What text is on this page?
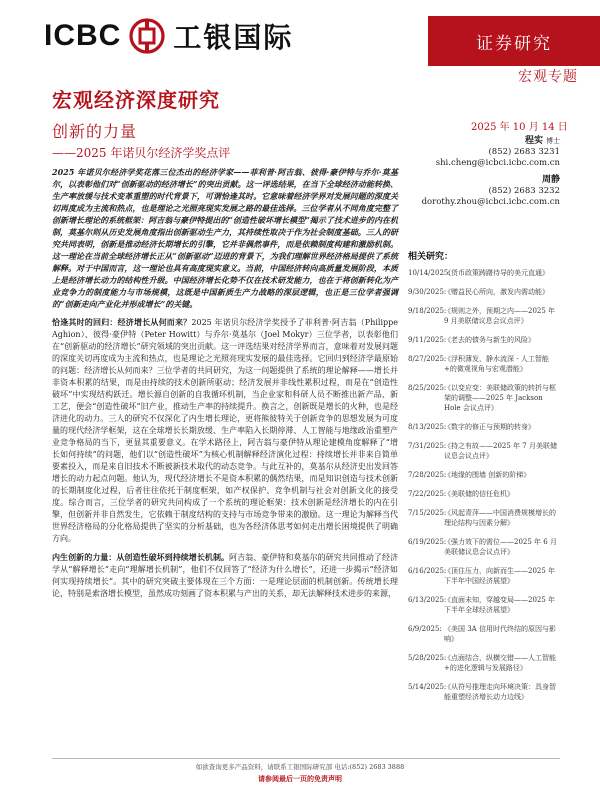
ICBC 工银国际	证券研究
宏观专题
宏观经济深度研究
创新的力量
——2025 年诺贝尔经济学奖点评
2025 年 10 月 14 日
程实 博士
(852) 2683 3231
shi.cheng@icbci.icbc.com.cn
周静
(852) 2683 3232
dorothy.zhou@icbci.icbc.com.cn
相关研究：
10/14/2025:
《货币政策踌躇待导的美元直通》
9/30/2025:
《赠益民心所向，激发内需动能》
9/18/2025:
《规则之外，预期之内——2025 年 9 月美联储议息会议点评》
9/11/2025:
《老去的债务与新生的风险》
8/27/2025:
《浮积薄发，静水流深 - 人工智能+的微观视角与宏观潜能》
8/25/2025:
《以变应变：美联储政策的转折与框架的调整——2025 年 Jackson Hole 会议点评》
8/13/2025:
《数字的修正与预期的转身》
7/31/2025:
《持之有故——2025 年 7 月美联储议息会议点评》
7/28/2025:
《地缘的围墙 创新的阶梯》
7/22/2025:
《美联储的信任危机》
7/15/2025:
《风起青萍——中国消费规模增长的理论结构与因素分解》
6/19/2025:
《强力效下的需位——2025 年 6 月美联储议息会议点评》
6/16/2025:
《顶住压力，向新而生——2025 年下半年中国经济展望》
6/13/2025:
《直面未知，穿越变局——2025 年下半年全球经济展望》
6/9/2025: 《美国 3A 信用时代终结的原因与影响》
5/28/2025:
《点面结合，纵横交错——人工智能+的进化逻辑与发展路径》
5/14/2025:
《从符号推理走向环境决策：具身智能重塑经济增长动力边线》
2025 年诺贝尔经济学奖花落三位杰出的经济学家——菲利普·阿吉翁、彼得·豪伊特与乔尔·莫基尔，以表彰他们对“创新驱动的经济增长”的突出贡献。这一评选结果，在当下全球经济动能转换、生产率放缓与技术变革重塑的时代背景下，可谓恰逢其时。它意味着经济学界对发展问题的深度关切再度成为主流和热点，也是理论之光照亮现实发展之路的最佳选择。三位学者从不同角度完整了创新增长理论的系统框架：阿吉翁与豪伊特提出的“创造性破坏增长模型”揭示了技术进步的内在机制，莫基尔则从历史发展角度指出创新驱动生产力，其持续性取决于作为社会制度基础。三人的研究共同表明，创新是推动经济长期增长的引擎，它并非偶然事件，而是依赖制度构建和激励机制。这一理论在当前全球经济增长正从“创新驱动”迈进的背景下，为我们理解世界经济格局提供了系统解释。对于中国而言，这一理论也具有高度现实意义。当前，中国经济转向高质量发展阶段，本质上是经济增长动力的结构性升级。中国经济增长化势不仅在技术研发能力，也在于将创新转化为产业竞争力的制度能力与市场规模，这既是中国新质生产力战略的深层逻辑，也正是三位学者强调的“创新走向产业化并形成增长”的关键。
恰逢其时的回归：经济增长从何而来？2025 年诺贝尔经济学奖授予了菲利普·阿吉翁（Philippe Aghion）、彼得·豪伊特（Peter Howitt）与乔尔·莫基尔（Joel Mokyr）三位学者，以表彰他们在“创新驱动的经济增长”研究领域的突出贡献。这一评选结果对经济学界而言，意味着对发展问题的深度关切再度成为主流和热点，也是理论之光照亮现实发展的最佳选择。它回归到经济学最原始的问题：经济增长从何而来？三位学者的共同研究，为这一问题提供了系统的理论解释——增长并非资本积累的结果，而是由持续的技术创新所驱动；经济发展并非线性累积过程，而是在“创造性破坏”中实现结构跃迁。增长源自创新的自我循环机制，当企业家和科研人员不断推出新产品、新工艺，便会“创造性破坏”旧产业，推动生产率的持续提升。换言之，创新既是增长的火种，也是经济进化的动力。三人的研究不仅深化了内生增长理论，更将熊彼特关于创新竞争的思想发展为可度量的现代经济学框架，这在全球增长长期放缓、生产率陷入长期停滞、人工智能与地缘政治重塑产业竞争格局的当下，更显其重要意义。在学术路径上，阿吉翁与豪伊特从理论建模角度解释了“增长如何持续”的问题，他们以“创造性破坏”为核心机制解释经济演化过程：持续增长并非来自简单要素投入，而是来自旧技术不断被新技术取代的动态竞争。与此互补的，莫基尔从经济史出发回答增长的动力起点问题。他认为，现代经济增长不是资本积累的偶然结果，而是知识创造与技术创新的长期制度化过程，后者往往依托于制度框架，如产权保护、竞争机制与社会对创新文化的接受度。综合而言，三位学者的研究共同构成了一个系统的理论框架：技术创新是经济增长的内在引擎，但创新并非自然发生，它依赖于制度结构的支持与市场竞争带来的激励。这一理论为解释当代世界经济格局的分化格局提供了坚实的分析基础，也为各经济体思考如何走出增长困境提供了明确方向。
内生创新的力量：从创造性破坏到持续增长机制。阿吉翁、豪伊特和莫基尔的研究共同推动了经济学从“解释增长”走向“理解增长机制”，他们不仅回答了“经济为什么增长”，还进一步揭示“经济如何实现持续增长”。其中的研究突破主要体现在三个方面：一是理论层面的机制创新。传统增长理论，特别是索洛增长模型，虽然成功刻画了资本积累与产出的关系，却无法解释技术进步的来源，
如欲查询更多产品资料，请联系工银国际研究部 电话:(852) 2683 3888
请参阅最后一页的免责声明
